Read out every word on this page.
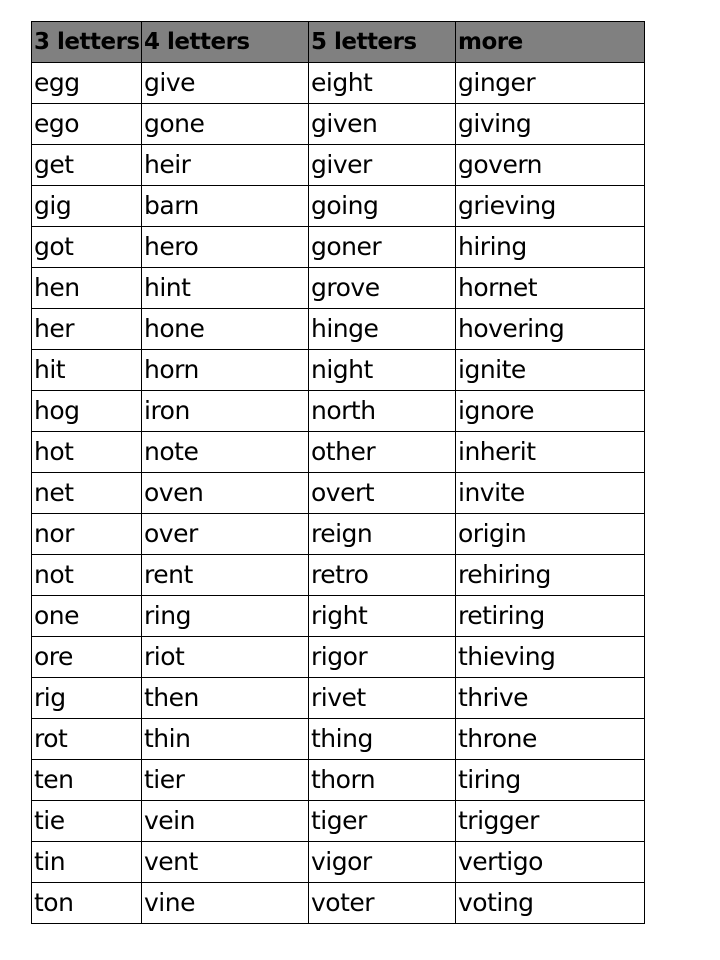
3 letters	4 letters	5 letters	more
egg	give	eight	ginger
ego	gone	given	giving
get	heir	giver	govern
gig	barn	going	grieving
got	hero	goner	hiring
hen	hint	grove	hornet
her	hone	hinge	hovering
hit	horn	night	ignite
hog	iron	north	ignore
hot	note	other	inherit
net	oven	overt	invite
nor	over	reign	origin
not	rent	retro	rehiring
one	ring	right	retiring
ore	riot	rigor	thieving
rig	then	rivet	thrive
rot	thin	thing	throne
ten	tier	thorn	tiring
tie	vein	tiger	trigger
tin	vent	vigor	vertigo
ton	vine	voter	voting
